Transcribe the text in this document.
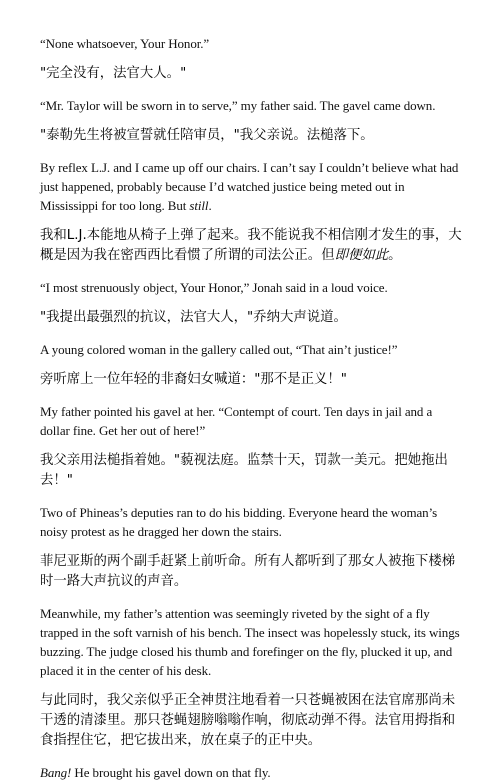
“None whatsoever, Your Honor.”

"完全没有，法官大人。"

“Mr. Taylor will be sworn in to serve,” my father said. The gavel came down.

"泰勒先生将被宣誓就任陪审员，"我父亲说。法槌落下。

By reflex L.J. and I came up off our chairs. I can’t say I couldn’t believe what had just happened, probably because I’d watched justice being meted out in Mississippi for too long. But still.

我和L.J.本能地从椅子上弹了起来。我不能说我不相信刚才发生的事，大概是因为我在密西西比看惯了所谓的司法公正。但即便如此。

“I most strenuously object, Your Honor,” Jonah said in a loud voice.

"我提出最强烈的抗议，法官大人，"乔纳大声说道。

A young colored woman in the gallery called out, “That ain’t justice!”

旁听席上一位年轻的非裔妇女喊道："那不是正义！"

My father pointed his gavel at her. “Contempt of court. Ten days in jail and a dollar fine. Get her out of here!”

我父亲用法槌指着她。"藐视法庭。监禁十天，罚款一美元。把她拖出去！"

Two of Phineas’s deputies ran to do his bidding. Everyone heard the woman’s noisy protest as he dragged her down the stairs.

菲尼亚斯的两个副手赶紧上前听命。所有人都听到了那女人被拖下楼梯时一路大声抗议的声音。

Meanwhile, my father’s attention was seemingly riveted by the sight of a fly trapped in the soft varnish of his bench. The insect was hopelessly stuck, its wings buzzing. The judge closed his thumb and forefinger on the fly, plucked it up, and placed it in the center of his desk.

与此同时，我父亲似乎正全神贯注地看着一只苍蝇被困在法官席那尚未干透的清漆里。那只苍蝇翅膀嗡嗡作响，彻底动弹不得。法官用拇指和食指捏住它，把它拔出来，放在桌子的正中央。

Bang! He brought his gavel down on that fly.
